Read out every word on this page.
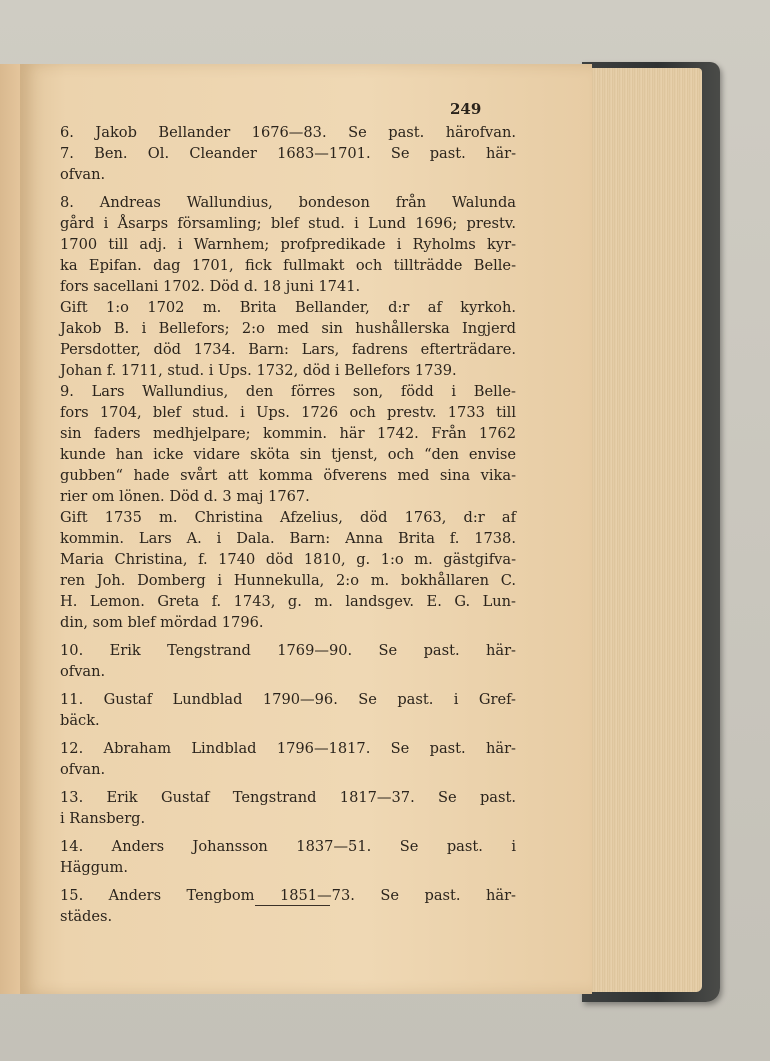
249
6. Jakob Bellander 1676—83. Se past. härofvan.
7. Ben. Ol. Cleander 1683—1701. Se past. här-
ofvan.
8. Andreas Wallundius, bondeson från Walunda
gård i Åsarps församling; blef stud. i Lund 1696; prestv.
1700 till adj. i Warnhem; profpredikade i Ryholms kyr-
ka Epifan. dag 1701, fick fullmakt och tillträdde Belle-
fors sacellani 1702. Död d. 18 juni 1741.
Gift 1:o 1702 m. Brita Bellander, d:r af kyrkoh.
Jakob B. i Bellefors; 2:o med sin hushållerska Ingjerd
Persdotter, död 1734. Barn: Lars, fadrens efterträdare.
Johan f. 1711, stud. i Ups. 1732, död i Bellefors 1739.
9. Lars Wallundius, den förres son, född i Belle-
fors 1704, blef stud. i Ups. 1726 och prestv. 1733 till
sin faders medhjelpare; kommin. här 1742. Från 1762
kunde han icke vidare sköta sin tjenst, och “den envise
gubben“ hade svårt att komma öfverens med sina vika-
rier om lönen. Död d. 3 maj 1767.
Gift 1735 m. Christina Afzelius, död 1763, d:r af
kommin. Lars A. i Dala. Barn: Anna Brita f. 1738.
Maria Christina, f. 1740 död 1810, g. 1:o m. gästgifva-
ren Joh. Domberg i Hunnekulla, 2:o m. bokhållaren C.
H. Lemon. Greta f. 1743, g. m. landsgev. E. G. Lun-
din, som blef mördad 1796.
10. Erik Tengstrand 1769—90. Se past. här-
ofvan.
11. Gustaf Lundblad 1790—96. Se past. i Gref-
bäck.
12. Abraham Lindblad 1796—1817. Se past. här-
ofvan.
13. Erik Gustaf Tengstrand 1817—37. Se past.
i Ransberg.
14. Anders Johansson 1837—51. Se past. i
Häggum.
15. Anders Tengbom 1851—73. Se past. här-
städes.
